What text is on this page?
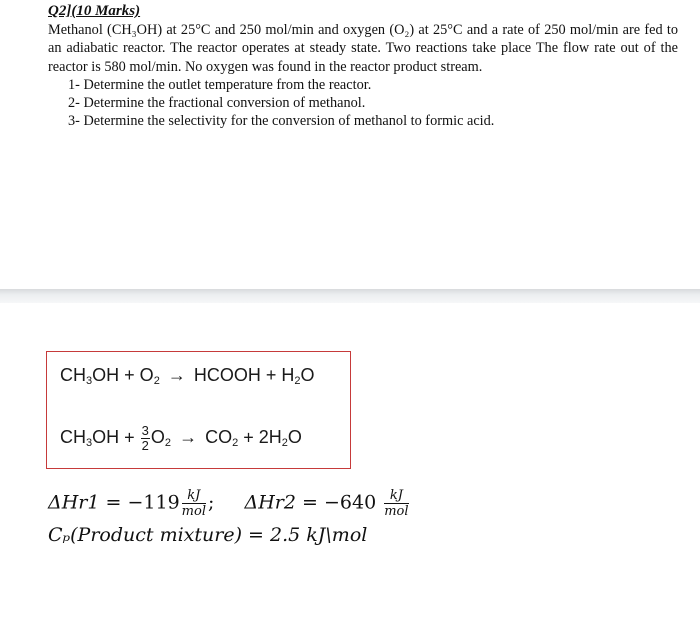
Q2](10 Marks)

Methanol (CH₃OH) at 25°C and 250 mol/min and oxygen (O₂) at 25°C and a rate of 250 mol/min are fed to an adiabatic reactor. The reactor operates at steady state. Two reactions take place The flow rate out of the reactor is 580 mol/min. No oxygen was found in the reactor product stream.

1- Determine the outlet temperature from the reactor.
2- Determine the fractional conversion of methanol.
3- Determine the selectivity for the conversion of methanol to formic acid.
$CH_3OH + O_2$ → HCOOH + $H_2O$
$CH_3OH + \frac{3}{2} O_2 \to CO_2 + 2H_2O$
$\Delta Hr1 = -119 \frac{kJ}{\text{mol}}$ ; $\Delta Hr2 = -640 \frac{kJ}{\text{mol}}$
Cₚ(Product mixture) = 2.5 kJ\mol
